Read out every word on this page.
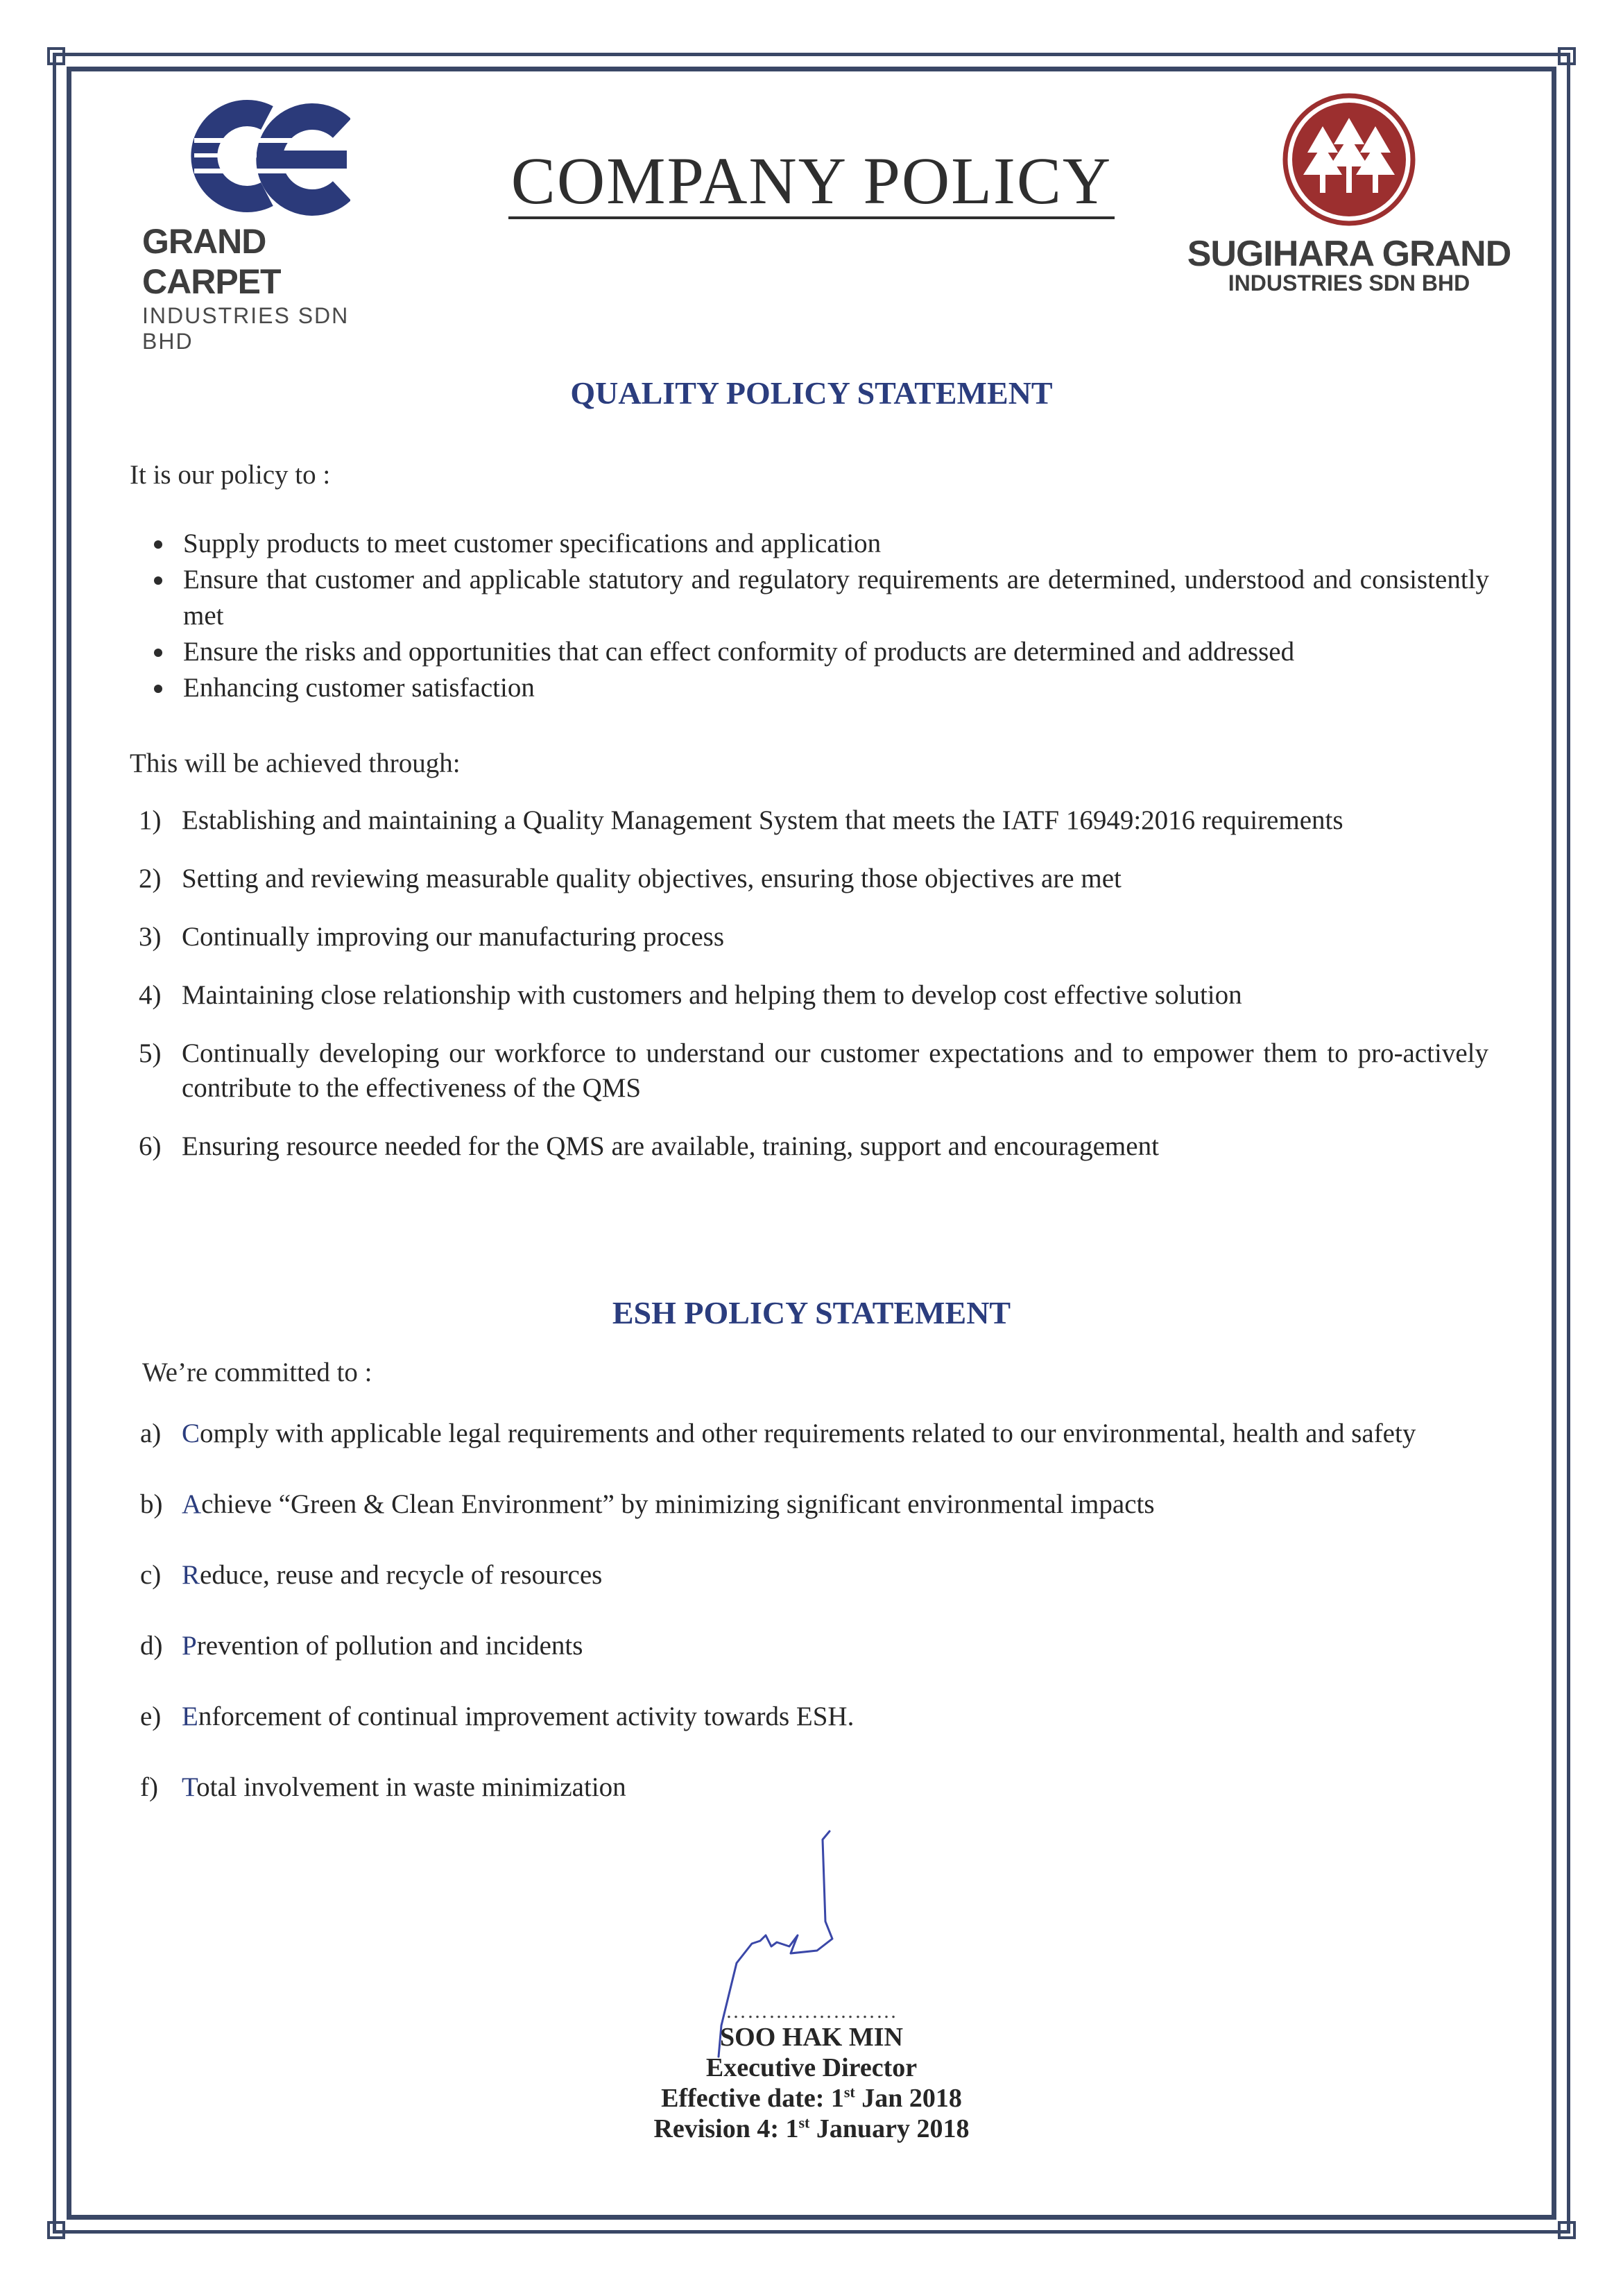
GRAND CARPET
INDUSTRIES SDN BHD
COMPANY POLICY
SUGIHARA GRAND
INDUSTRIES SDN BHD
QUALITY POLICY STATEMENT
It is our policy to :
Supply products to meet customer specifications and application
Ensure that customer and applicable statutory and regulatory requirements are determined, understood and consistently met
Ensure the risks and opportunities that can effect conformity of products are determined and addressed
Enhancing customer satisfaction
This will be achieved through:
1) Establishing and maintaining a Quality Management System that meets the IATF 16949:2016 requirements
2) Setting and reviewing measurable quality objectives, ensuring those objectives are met
3) Continually improving our manufacturing process
4) Maintaining close relationship with customers and helping them to develop cost effective solution
5) Continually developing our workforce to understand our customer expectations and to empower them to pro-actively contribute to the effectiveness of the QMS
6) Ensuring resource needed for the QMS are available, training, support and encouragement
ESH POLICY STATEMENT
We’re committed to :
a) Comply with applicable legal requirements and other requirements related to our environmental, health and safety
b) Achieve “Green & Clean Environment” by minimizing significant environmental impacts
c) Reduce, reuse and recycle of resources
d) Prevention of pollution and incidents
e) Enforcement of continual improvement activity towards ESH.
f) Total involvement in waste minimization
……………………
SOO HAK MIN
Executive Director
Effective date: 1st Jan 2018
Revision 4: 1st January 2018
